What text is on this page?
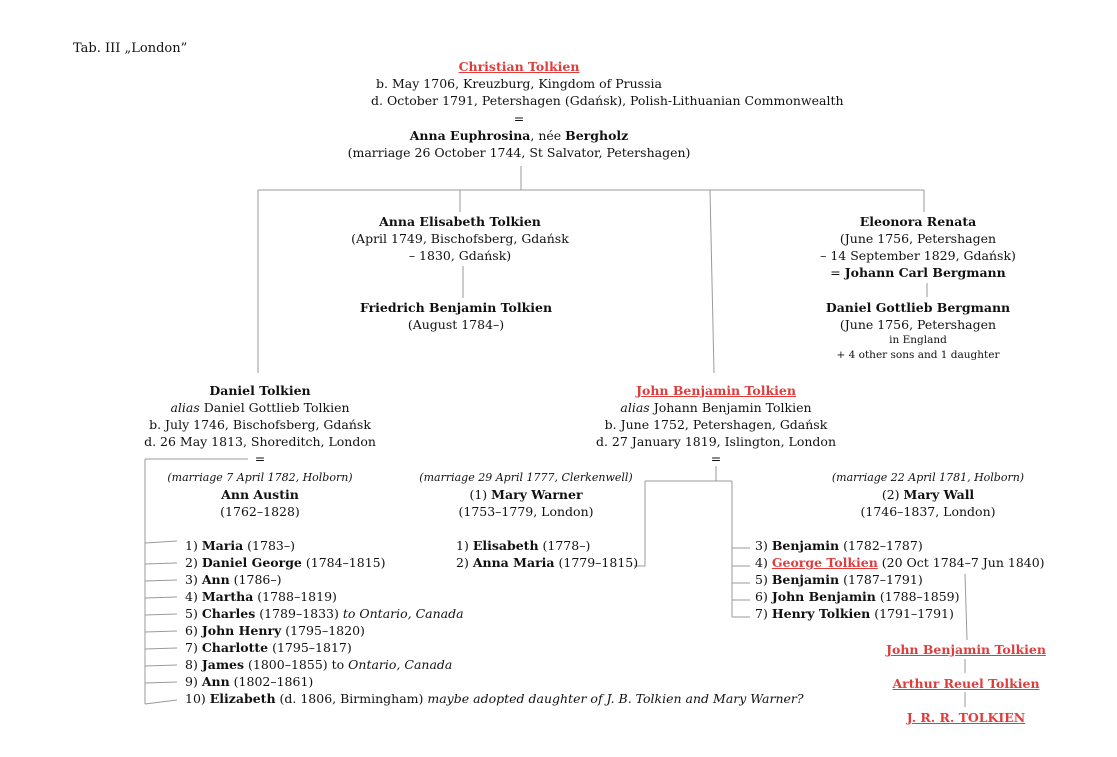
Tab. III „London”
Christian Tolkien
b. May 1706, Kreuzburg, Kingdom of Prussia
d. October 1791, Petershagen (Gdańsk), Polish-Lithuanian Commonwealth
=
Anna Euphrosina, née Bergholz
(marriage 26 October 1744, St Salvator, Petershagen)
Anna Elisabeth Tolkien
(April 1749, Bischofsberg, Gdańsk
– 1830, Gdańsk)
Friedrich Benjamin Tolkien
(August 1784–)
Eleonora Renata
(June 1756, Petershagen
– 14 September 1829, Gdańsk)
= Johann Carl Bergmann
Daniel Gottlieb Bergmann
(June 1756, Petershagen
in England
+ 4 other sons and 1 daughter
Daniel Tolkien
alias Daniel Gottlieb Tolkien
b. July 1746, Bischofsberg, Gdańsk
d. 26 May 1813, Shoreditch, London
=
(marriage 7 April 1782, Holborn)
Ann Austin
(1762–1828)
1) Maria (1783–)
2) Daniel George (1784–1815)
3) Ann (1786–)
4) Martha (1788–1819)
5) Charles (1789–1833) to Ontario, Canada
6) John Henry (1795–1820)
7) Charlotte (1795–1817)
8) James (1800–1855) to Ontario, Canada
9) Ann (1802–1861)
10) Elizabeth (d. 1806, Birmingham) maybe adopted daughter of J. B. Tolkien and Mary Warner?
John Benjamin Tolkien
alias Johann Benjamin Tolkien
b. June 1752, Petershagen, Gdańsk
d. 27 January 1819, Islington, London
=
(marriage 29 April 1777, Clerkenwell)
(1) Mary Warner
(1753–1779, London)
1) Elisabeth (1778–)
2) Anna Maria (1779–1815)
(marriage 22 April 1781, Holborn)
(2) Mary Wall
(1746–1837, London)
3) Benjamin (1782–1787)
4) George Tolkien (20 Oct 1784–7 Jun 1840)
5) Benjamin (1787–1791)
6) John Benjamin (1788–1859)
7) Henry Tolkien (1791–1791)
John Benjamin Tolkien
Arthur Reuel Tolkien
J. R. R. TOLKIEN
